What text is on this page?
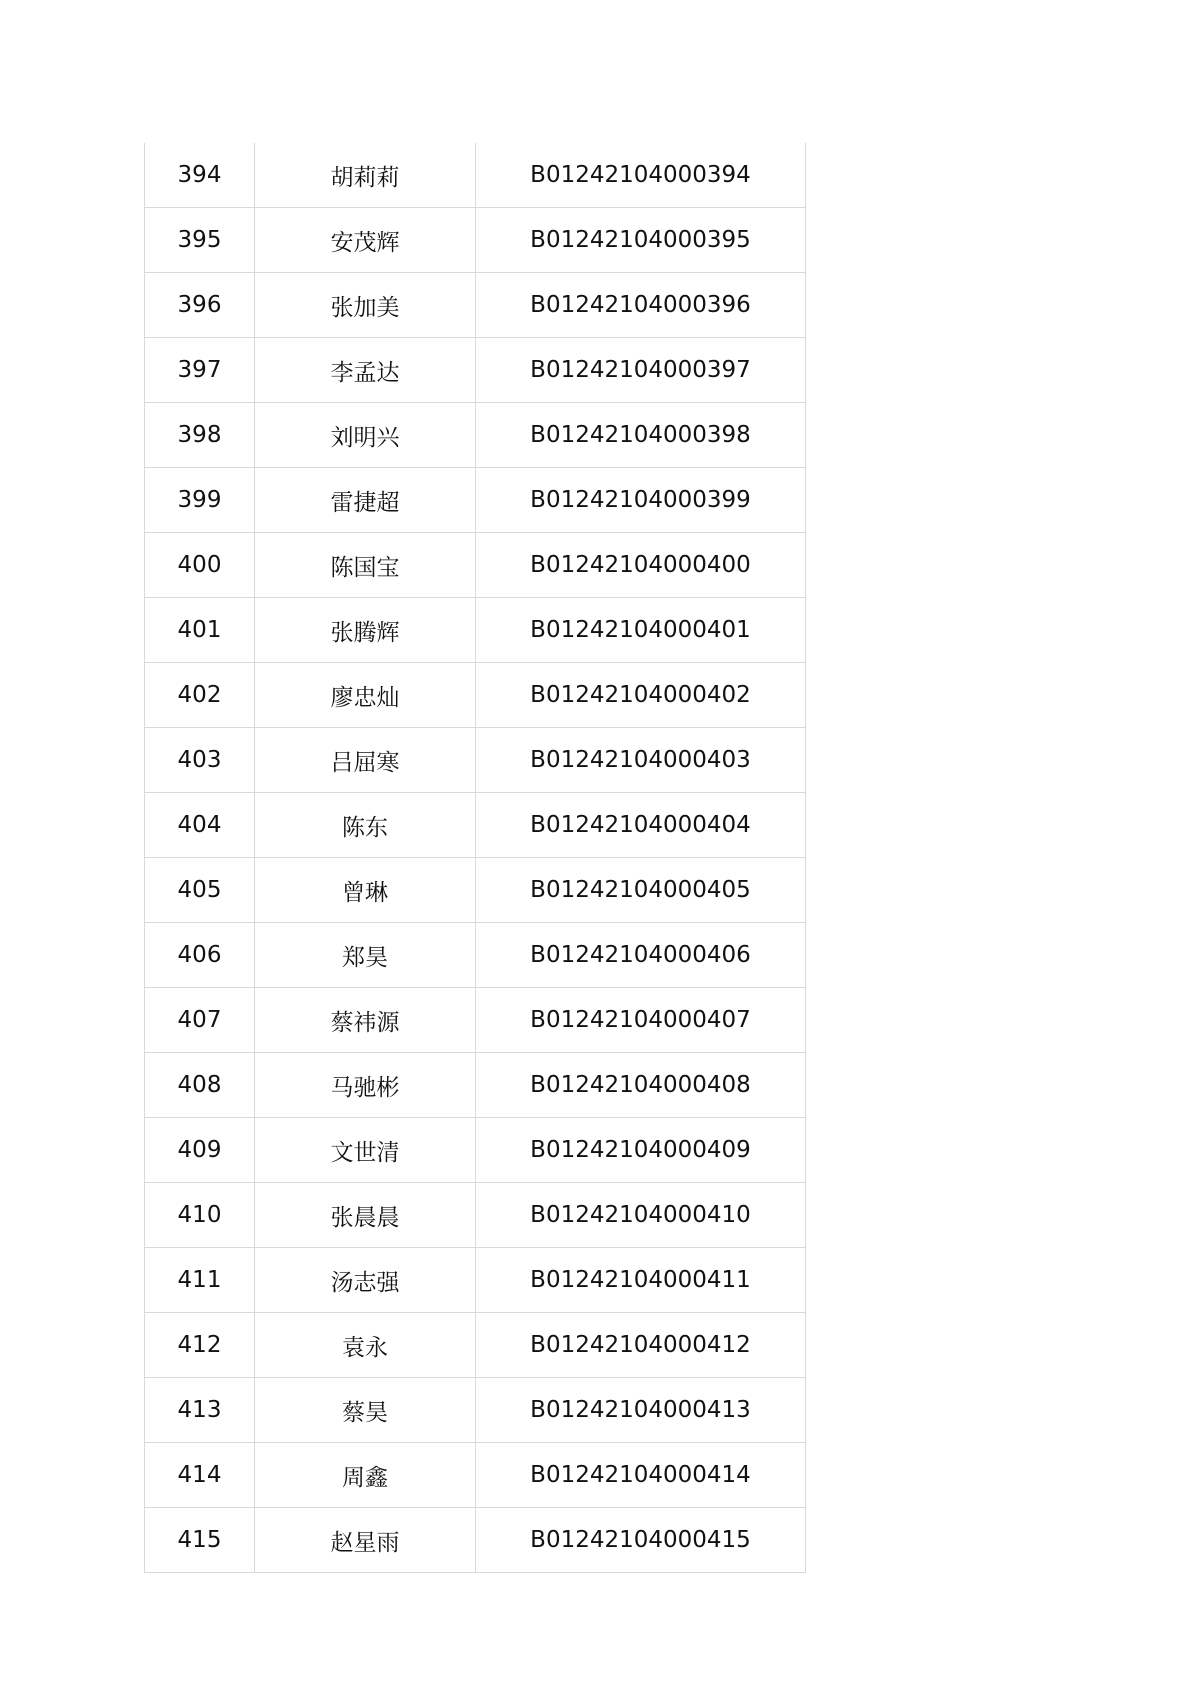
394	胡莉莉	B01242104000394
395	安茂辉	B01242104000395
396	张加美	B01242104000396
397	李孟达	B01242104000397
398	刘明兴	B01242104000398
399	雷捷超	B01242104000399
400	陈国宝	B01242104000400
401	张腾辉	B01242104000401
402	廖忠灿	B01242104000402
403	吕屈寒	B01242104000403
404	陈东	B01242104000404
405	曾琳	B01242104000405
406	郑昊	B01242104000406
407	蔡祎源	B01242104000407
408	马驰彬	B01242104000408
409	文世清	B01242104000409
410	张晨晨	B01242104000410
411	汤志强	B01242104000411
412	袁永	B01242104000412
413	蔡昊	B01242104000413
414	周鑫	B01242104000414
415	赵星雨	B01242104000415
